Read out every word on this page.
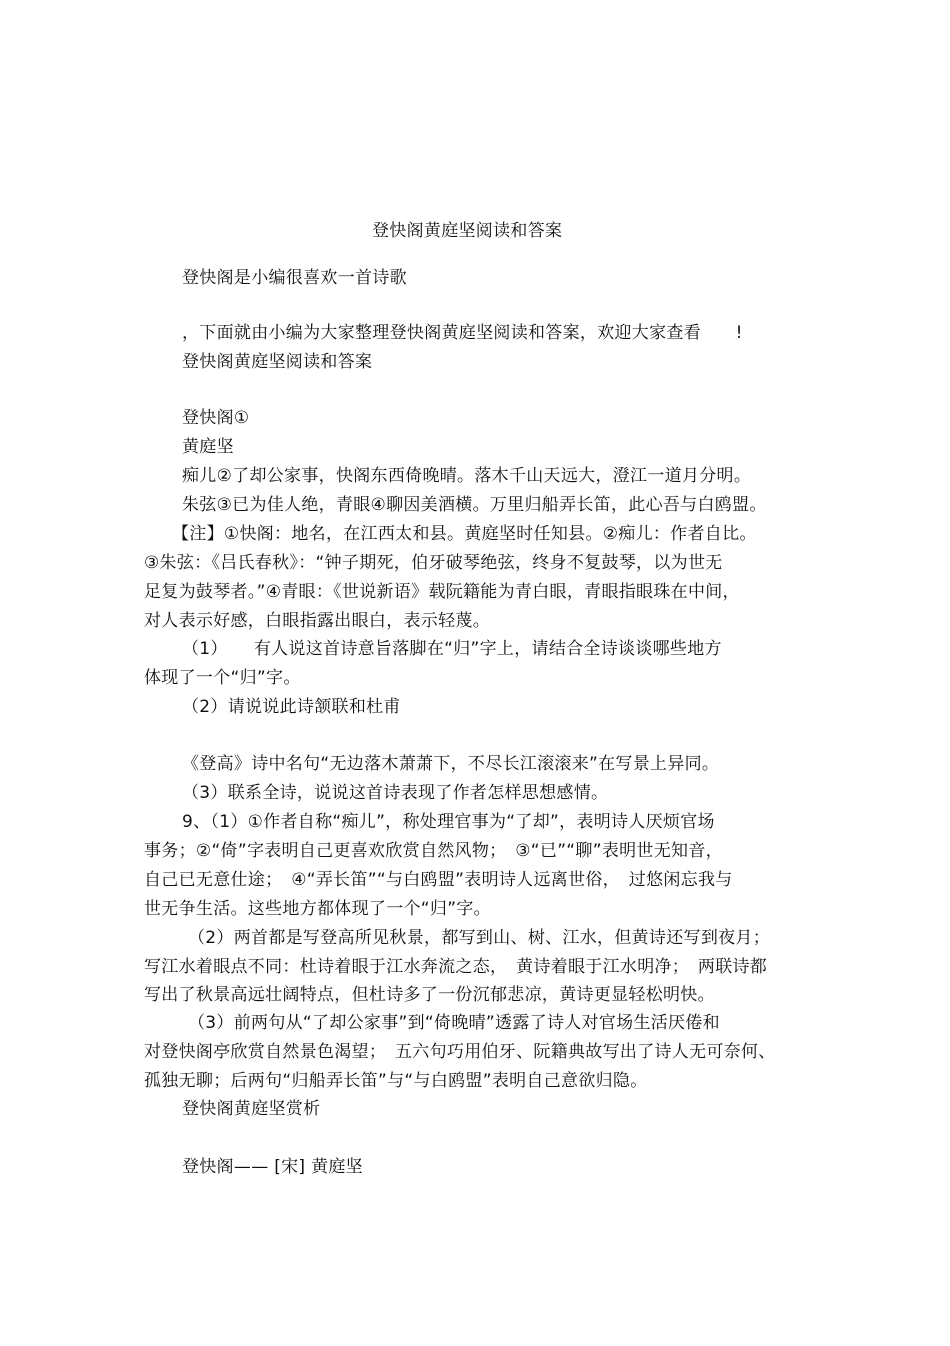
登快阁黄庭坚阅读和答案
登快阁是小编很喜欢一首诗歌
，下面就由小编为大家整理登快阁黄庭坚阅读和答案，欢迎大家查看　　!
登快阁黄庭坚阅读和答案
登快阁①
黄庭坚
痴儿②了却公家事，快阁东西倚晚晴。落木千山天远大，澄江一道月分明。
朱弦③已为佳人绝，青眼④聊因美酒横。万里归船弄长笛，此心吾与白鸥盟。
【注】①快阁：地名，在江西太和县。黄庭坚时任知县。②痴儿：作者自比。
③朱弦：《吕氏春秋》：“钟子期死，伯牙破琴绝弦，终身不复鼓琴，以为世无
足复为鼓琴者。”④青眼：《世说新语》载阮籍能为青白眼，青眼指眼珠在中间，
对人表示好感，白眼指露出眼白，表示轻蔑。
（1）　　有人说这首诗意旨落脚在“归”字上，请结合全诗谈谈哪些地方
体现了一个“归”字。
（2）请说说此诗颔联和杜甫
《登高》诗中名句“无边落木萧萧下，不尽长江滚滚来”在写景上异同。
（3）联系全诗，说说这首诗表现了作者怎样思想感情。
9、（1）①作者自称“痴儿”，称处理官事为“了却”，表明诗人厌烦官场
事务；②“倚”字表明自己更喜欢欣赏自然风物；　③“已”“聊”表明世无知音，
自己已无意仕途；　④“弄长笛”“与白鸥盟”表明诗人远离世俗，　过悠闲忘我与
世无争生活。这些地方都体现了一个“归”字。
（2）两首都是写登高所见秋景，都写到山、树、江水，但黄诗还写到夜月；
写江水着眼点不同：杜诗着眼于江水奔流之态，　黄诗着眼于江水明净；　两联诗都
写出了秋景高远壮阔特点，但杜诗多了一份沉郁悲凉，黄诗更显轻松明快。
（3）前两句从“了却公家事”到“倚晚晴”透露了诗人对官场生活厌倦和
对登快阁亭欣赏自然景色渴望；　五六句巧用伯牙、阮籍典故写出了诗人无可奈何、
孤独无聊；后两句“归船弄长笛”与“与白鸥盟”表明自己意欲归隐。
登快阁黄庭坚赏析
登快阁—— [宋] 黄庭坚
